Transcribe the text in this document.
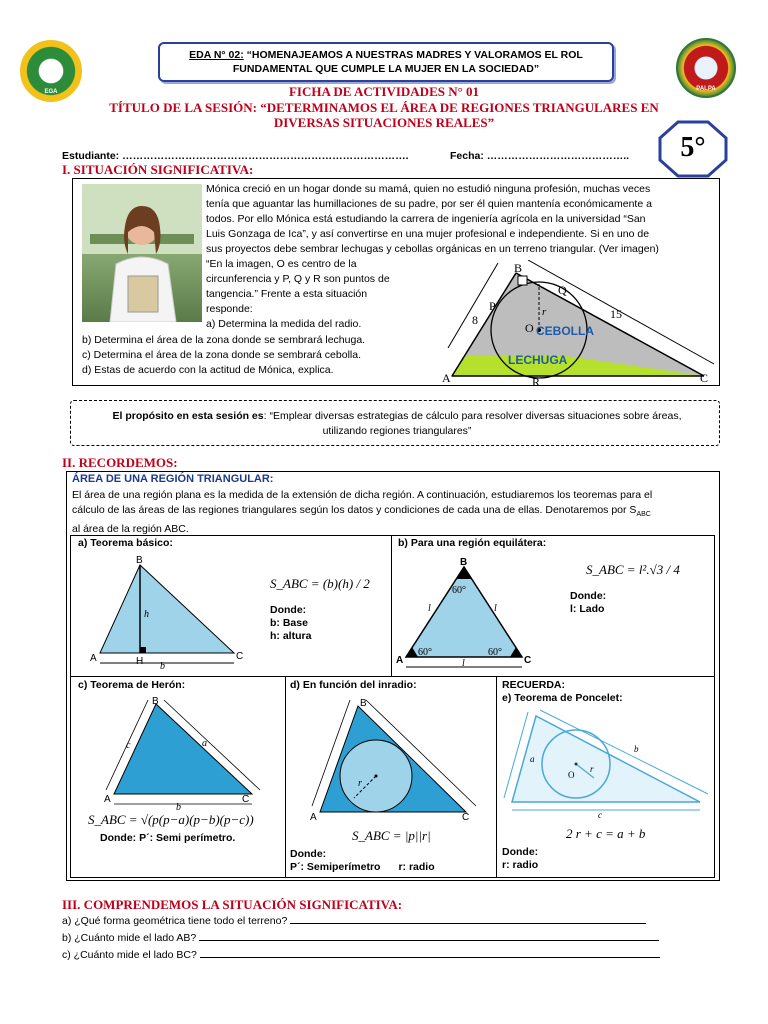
EGA	PALPA
EDA N° 02: “HOMENAJEAMOS A NUESTRAS MADRES Y VALORAMOS EL ROL FUNDAMENTAL QUE CUMPLE LA MUJER EN LA SOCIEDAD”
FICHA DE ACTIVIDADES N° 01
TÍTULO DE LA SESIÓN: “DETERMINAMOS EL ÁREA DE REGIONES TRIANGULARES EN
DIVERSAS SITUACIONES REALES”
5°
Estudiante: ……………………………………………………………………….	Fecha: …………………………………..
I. SITUACIÓN SIGNIFICATIVA:
Mónica creció en un hogar donde su mamá, quien no estudió ninguna profesión, muchas veces
tenía que aguantar las humillaciones de su padre, por ser él quien mantenía económicamente a
todos. Por ello Mónica está estudiando la carrera de ingeniería agrícola en la universidad “San
Luis Gonzaga de Ica”, y así convertirse en una mujer profesional e independiente. Si en uno de
sus proyectos debe sembrar lechugas y cebollas orgánicas en un terreno triangular. (Ver imagen)
“En la imagen, O es centro de la
circunferencia y P, Q y R son puntos de
tangencia.” Frente a esta situación
responde:
a) Determina la medida del radio.
b) Determina el área de la zona donde se sembrará lechuga.
c) Determina el área de la zona donde se sembrará cebolla.
d) Estas de acuerdo con la actitud de Mónica, explica.
B
A	C
P
Q
R
O
r
8	15
CEBOLLA
LECHUGA
El propósito en esta sesión es: “Emplear diversas estrategias de cálculo para resolver diversas situaciones sobre áreas,
utilizando regiones triangulares”
II. RECORDEMOS:
ÁREA DE UNA REGIÓN TRIANGULAR:
El área de una región plana es la medida de la extensión de dicha región. A continuación, estudiaremos los teoremas para el
cálculo de las áreas de las regiones triangulares según los datos y condiciones de cada una de ellas. Denotaremos por $S_{ABC}$
al área de la región ABC.
a) Teorema básico:
B
A	C
H
h
b
S_ABC = (b)(h) / 2
Donde:
b: Base
h: altura
b) Para una región equilátera:
B
A	C
60°
60°	60°
l	l
l
S_ABC = l².√3 / 4
Donde:
l: Lado
c) Teorema de Herón:
B
A	C
a
b
c
S_ABC = √(p(p−a)(p−b)(p−c))
Donde: P´: Semi perímetro.
d) En función del inradio:
B
A	C
r
S_ABC = |p||r|
Donde:
P´: Semiperímetro r: radio
RECUERDA:
e) Teorema de Poncelet:
a
b
c
O
r
2 r + c = a + b
Donde:
r: radio
III. COMPRENDEMOS LA SITUACIÓN SIGNIFICATIVA:
a) ¿Qué forma geométrica tiene todo el terreno?
b) ¿Cuánto mide el lado AB?
c) ¿Cuánto mide el lado BC?
